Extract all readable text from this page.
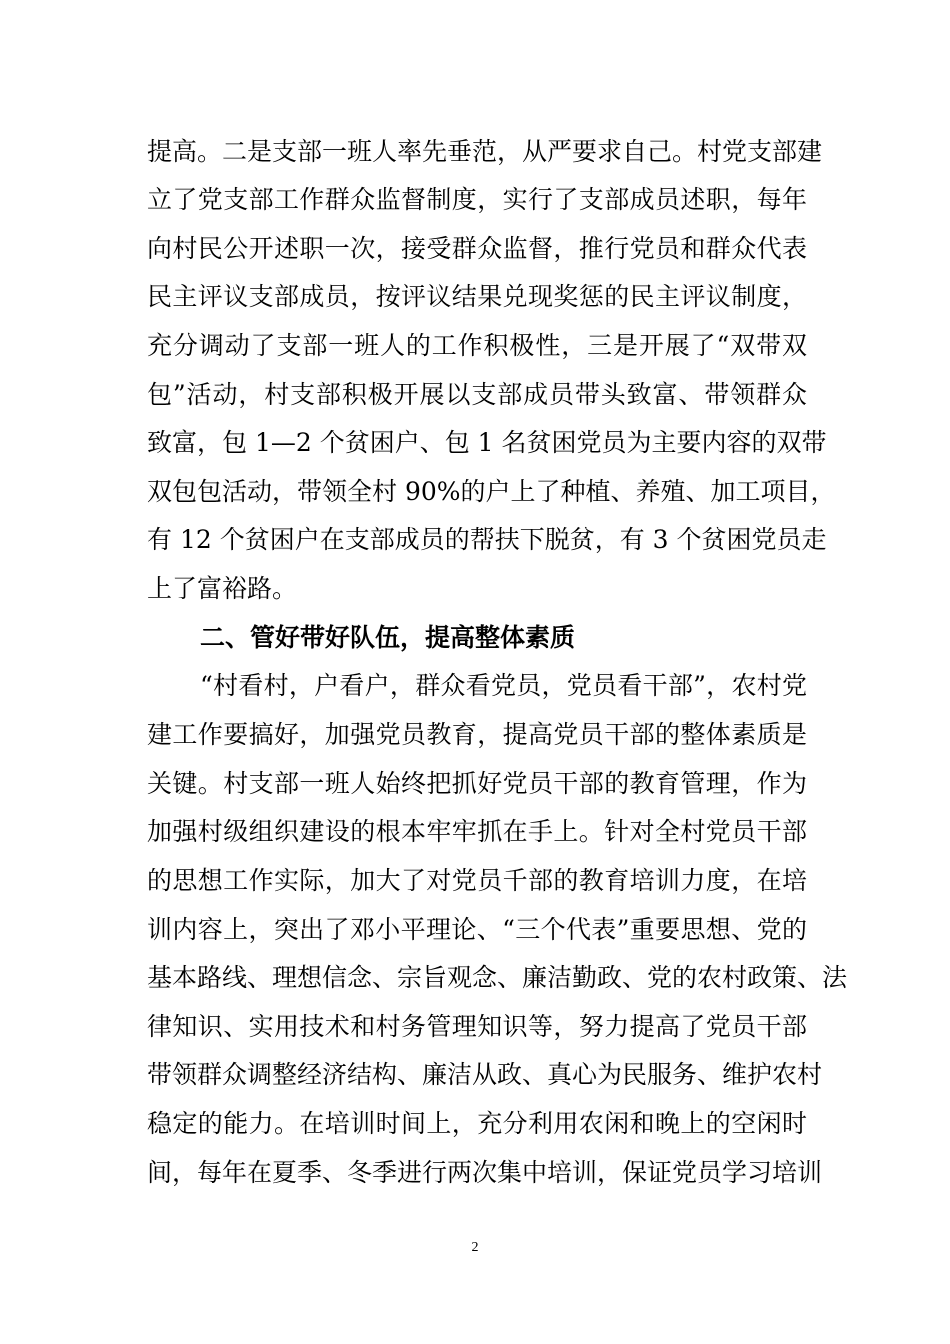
提高。二是支部一班人率先垂范，从严要求自己。村党支部建
立了党支部工作群众监督制度，实行了支部成员述职，每年
向村民公开述职一次，接受群众监督，推行党员和群众代表
民主评议支部成员，按评议结果兑现奖惩的民主评议制度，
充分调动了支部一班人的工作积极性，三是开展了“双带双
包”活动，村支部积极开展以支部成员带头致富、带领群众
致富，包 1—2 个贫困户、包 1 名贫困党员为主要内容的双带
双包包活动，带领全村 90%的户上了种植、养殖、加工项目，
有 12 个贫困户在支部成员的帮扶下脱贫，有 3 个贫困党员走
上了富裕路。
二、管好带好队伍，提高整体素质
“村看村，户看户，群众看党员，党员看干部”，农村党
建工作要搞好，加强党员教育，提高党员干部的整体素质是
关键。村支部一班人始终把抓好党员干部的教育管理，作为
加强村级组织建设的根本牢牢抓在手上。针对全村党员干部
的思想工作实际，加大了对党员千部的教育培训力度，在培
训内容上，突出了邓小平理论、“三个代表”重要思想、党的
基本路线、理想信念、宗旨观念、廉洁勤政、党的农村政策、法
律知识、实用技术和村务管理知识等，努力提高了党员干部
带领群众调整经济结构、廉洁从政、真心为民服务、维护农村
稳定的能力。在培训时间上，充分利用农闲和晚上的空闲时
间，每年在夏季、冬季进行两次集中培训，保证党员学习培训
2
